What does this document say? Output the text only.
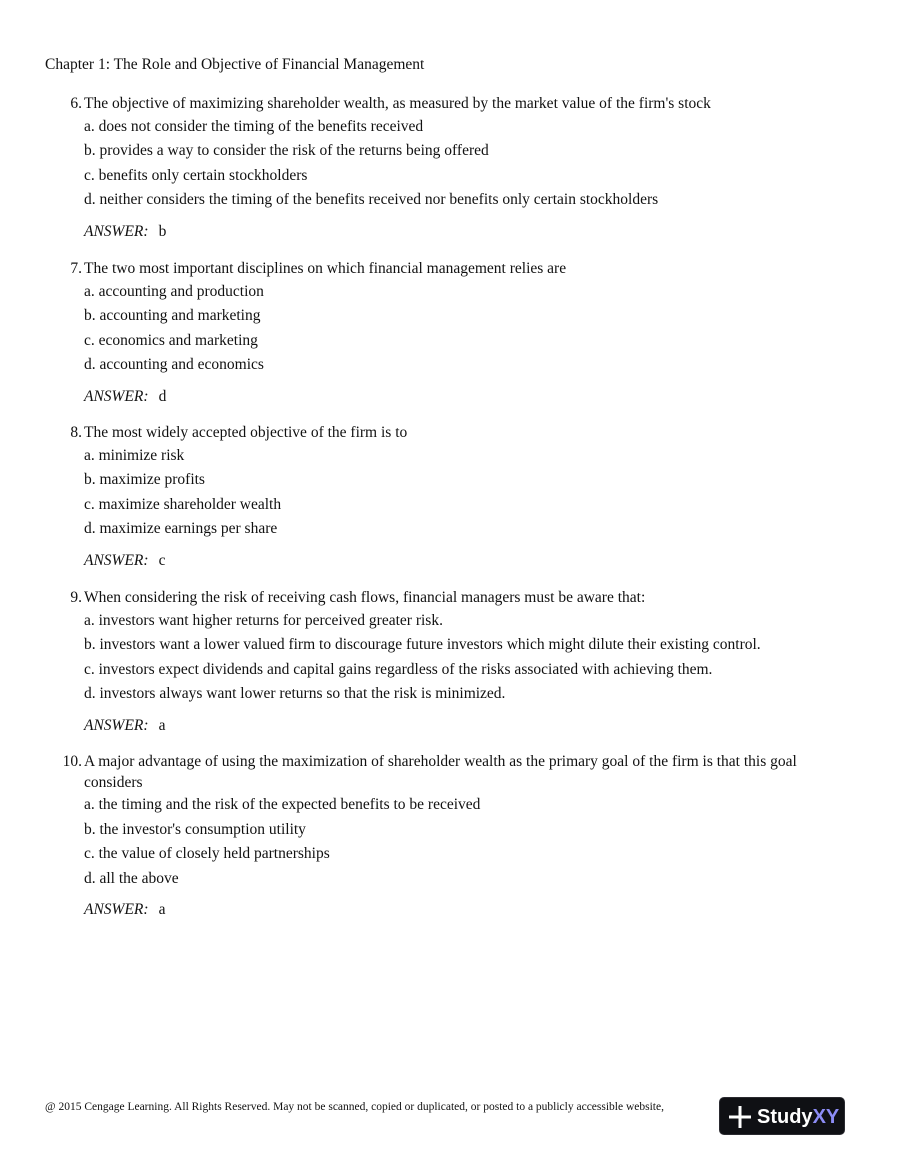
Chapter 1: The Role and Objective of Financial Management
6. The objective of maximizing shareholder wealth, as measured by the market value of the firm's stock
a. does not consider the timing of the benefits received
b. provides a way to consider the risk of the returns being offered
c. benefits only certain stockholders
d. neither considers the timing of the benefits received nor benefits only certain stockholders
ANSWER: b
7. The two most important disciplines on which financial management relies are
a. accounting and production
b. accounting and marketing
c. economics and marketing
d. accounting and economics
ANSWER: d
8. The most widely accepted objective of the firm is to
a. minimize risk
b. maximize profits
c. maximize shareholder wealth
d. maximize earnings per share
ANSWER: c
9. When considering the risk of receiving cash flows, financial managers must be aware that:
a. investors want higher returns for perceived greater risk.
b. investors want a lower valued firm to discourage future investors which might dilute their existing control.
c. investors expect dividends and capital gains regardless of the risks associated with achieving them.
d. investors always want lower returns so that the risk is minimized.
ANSWER: a
10. A major advantage of using the maximization of shareholder wealth as the primary goal of the firm is that this goal considers
a. the timing and the risk of the expected benefits to be received
b. the investor's consumption utility
c. the value of closely held partnerships
d. all the above
ANSWER: a
@ 2015 Cengage Learning. All Rights Reserved. May not be scanned, copied or duplicated, or posted to a publicly accessible website,	StudyXY
